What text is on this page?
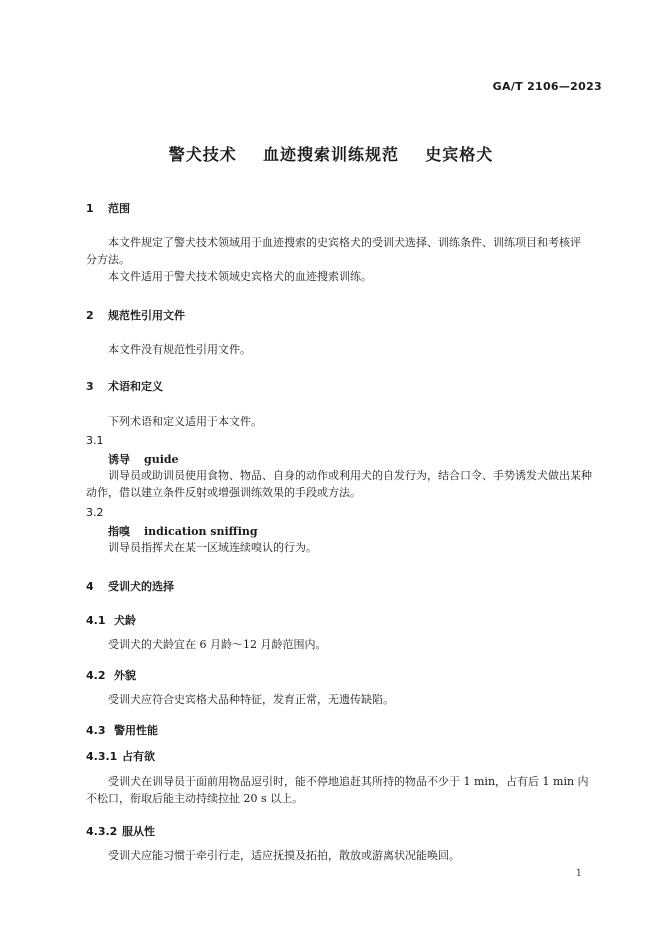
GA/T 2106—2023
警犬技术    血迹搜索训练规范    史宾格犬
1 范围
本文件规定了警犬技术领域用于血迹搜索的史宾格犬的受训犬选择、训练条件、训练项目和考核评
分方法。
本文件适用于警犬技术领域史宾格犬的血迹搜索训练。
2 规范性引用文件
本文件没有规范性引用文件。
3 术语和定义
下列术语和定义适用于本文件。
3.1
诱导 guide
训导员或助训员使用食物、物品、自身的动作或利用犬的自发行为，结合口令、手势诱发犬做出某种
动作，借以建立条件反射或增强训练效果的手段或方法。
3.2
指嗅 indication sniffing
训导员指挥犬在某一区域连续嗅认的行为。
4 受训犬的选择
4.1 犬龄
受训犬的犬龄宜在 6 月龄～12 月龄范围内。
4.2 外貌
受训犬应符合史宾格犬品种特征，发育正常，无遗传缺陷。
4.3 警用性能
4.3.1 占有欲
受训犬在训导员于面前用物品逗引时，能不停地追赶其所持的物品不少于 1 min，占有后 1 min 内
不松口，衔取后能主动持续拉扯 20 s 以上。
4.3.2 服从性
受训犬应能习惯于牵引行走，适应抚摸及拓拍，散放或游离状况能唤回。
1
